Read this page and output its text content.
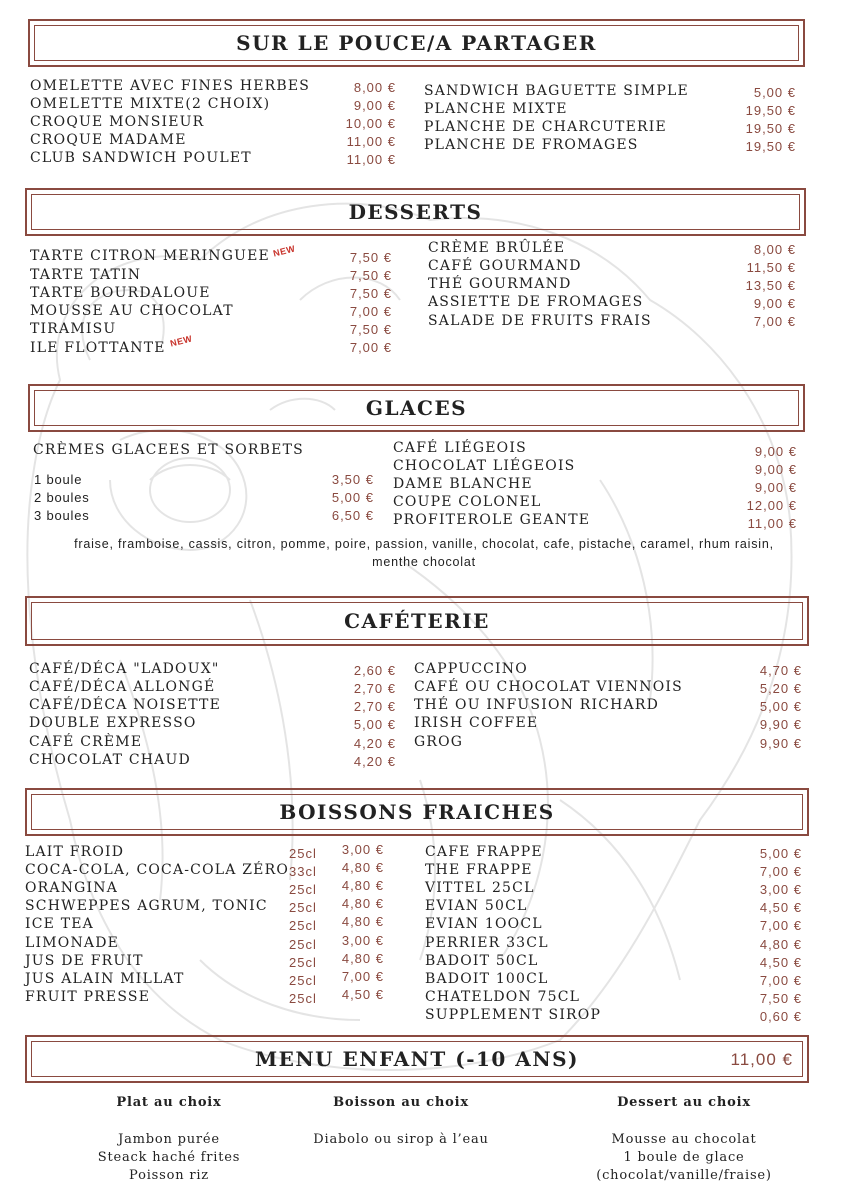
SUR LE POUCE/A PARTAGER
OMELETTE AVEC FINES HERBES	8,00 €
OMELETTE MIXTE(2 CHOIX)	9,00 €
CROQUE MONSIEUR	10,00 €
CROQUE MADAME	11,00 €
CLUB SANDWICH POULET	11,00 €
SANDWICH BAGUETTE SIMPLE	5,00 €
PLANCHE MIXTE	19,50 €
PLANCHE DE CHARCUTERIE	19,50 €
PLANCHE DE FROMAGES	19,50 €
DESSERTS
TARTE CITRON MERINGUEE NEW	7,50 €
TARTE TATIN	7,50 €
TARTE BOURDALOUE	7,50 €
MOUSSE AU CHOCOLAT	7,00 €
TIRAMISU	7,50 €
ILE FLOTTANTE NEW	7,00 €
CRÈME BRÛLÉE	8,00 €
CAFÉ GOURMAND	11,50 €
THÉ GOURMAND	13,50 €
ASSIETTE DE FROMAGES	9,00 €
SALADE DE FRUITS FRAIS	7,00 €
GLACES
CRÈMES GLACEES ET SORBETS
1 boule	3,50 €
2 boules	5,00 €
3 boules	6,50 €
CAFÉ LIÉGEOIS	9,00 €
CHOCOLAT LIÉGEOIS	9,00 €
DAME BLANCHE	9,00 €
COUPE COLONEL	12,00 €
PROFITEROLE GEANTE	11,00 €
fraise, framboise, cassis, citron, pomme, poire, passion, vanille, chocolat, cafe, pistache, caramel, rhum raisin,
menthe chocolat
CAFÉTERIE
CAFÉ/DÉCA "LADOUX"	2,60 €
CAFÉ/DÉCA ALLONGÉ	2,70 €
CAFÉ/DÉCA NOISETTE	2,70 €
DOUBLE EXPRESSO	5,00 €
CAFÉ CRÈME	4,20 €
CHOCOLAT CHAUD	4,20 €
CAPPUCCINO	4,70 €
CAFÉ OU CHOCOLAT VIENNOIS	5,20 €
THÉ OU INFUSION RICHARD	5,00 €
IRISH COFFEE	9,90 €
GROG	9,90 €
BOISSONS FRAICHES
LAIT FROID	25cl	3,00 €
COCA-COLA, COCA-COLA ZÉRO 33cl	4,80 €
ORANGINA	25cl	4,80 €
SCHWEPPES AGRUM, TONIC 25cl	4,80 €
ICE TEA	25cl	4,80 €
LIMONADE	25cl	3,00 €
JUS DE FRUIT	25cl	4,80 €
JUS ALAIN MILLAT	25cl	7,00 €
FRUIT PRESSE	25cl	4,50 €
CAFE FRAPPE	5,00 €
THE FRAPPE	7,00 €
VITTEL 25CL	3,00 €
EVIAN 50CL	4,50 €
EVIAN 1OOCL	7,00 €
PERRIER 33CL	4,80 €
BADOIT 50CL	4,50 €
BADOIT 100CL	7,00 €
CHATELDON 75CL	7,50 €
SUPPLEMENT SIROP	0,60 €
MENU ENFANT (-10 ANS)	11,00 €
Plat au choix
Jambon purée
Steack haché frites
Poisson riz
Boisson au choix
Diabolo ou sirop à l’eau
Dessert au choix
Mousse au chocolat
1 boule de glace
(chocolat/vanille/fraise)
